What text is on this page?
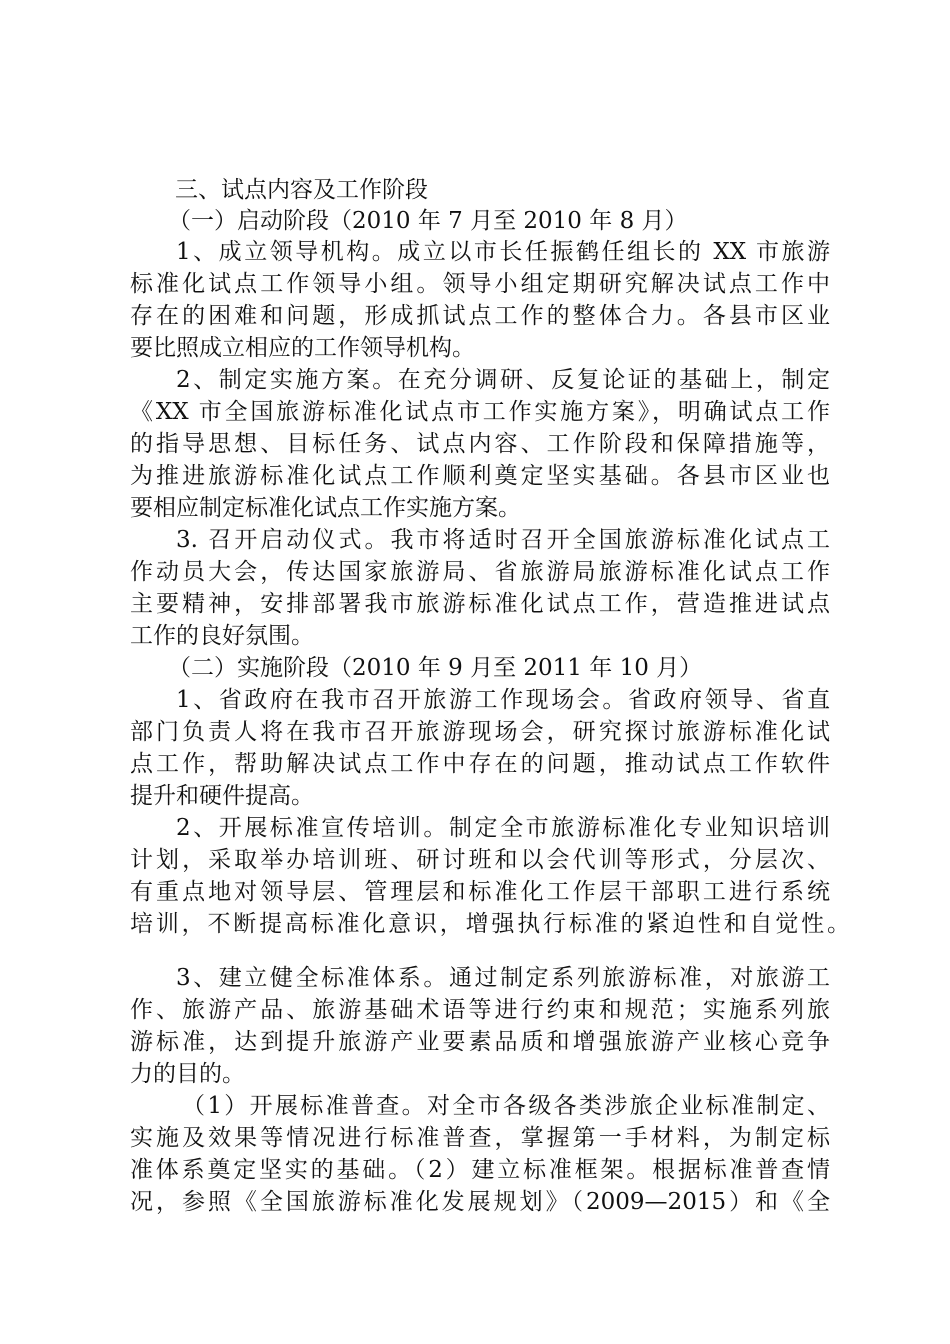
三、试点内容及工作阶段
（一）启动阶段（2010 年 7 月至 2010 年 8 月）
1、成立领导机构。成立以市长任振鹤任组长的 XX 市旅游
标准化试点工作领导小组。领导小组定期研究解决试点工作中
存在的困难和问题，形成抓试点工作的整体合力。各县市区业
要比照成立相应的工作领导机构。
2、制定实施方案。在充分调研、反复论证的基础上，制定
《XX 市全国旅游标准化试点市工作实施方案》，明确试点工作
的指导思想、目标任务、试点内容、工作阶段和保障措施等，
为推进旅游标准化试点工作顺利奠定坚实基础。各县市区业也
要相应制定标准化试点工作实施方案。
3. 召开启动仪式。我市将适时召开全国旅游标准化试点工
作动员大会，传达国家旅游局、省旅游局旅游标准化试点工作
主要精神，安排部署我市旅游标准化试点工作，营造推进试点
工作的良好氛围。
（二）实施阶段（2010 年 9 月至 2011 年 10 月）
1、省政府在我市召开旅游工作现场会。省政府领导、省直
部门负责人将在我市召开旅游现场会，研究探讨旅游标准化试
点工作，帮助解决试点工作中存在的问题，推动试点工作软件
提升和硬件提高。
2、开展标准宣传培训。制定全市旅游标准化专业知识培训
计划，采取举办培训班、研讨班和以会代训等形式，分层次、
有重点地对领导层、管理层和标准化工作层干部职工进行系统
培训，不断提高标准化意识，增强执行标准的紧迫性和自觉性。
3、建立健全标准体系。通过制定系列旅游标准，对旅游工
作、旅游产品、旅游基础术语等进行约束和规范；实施系列旅
游标准，达到提升旅游产业要素品质和增强旅游产业核心竞争
力的目的。
（1）开展标准普查。对全市各级各类涉旅企业标准制定、
实施及效果等情况进行标准普查，掌握第一手材料，为制定标
准体系奠定坚实的基础。（2）建立标准框架。根据标准普查情
况，参照《全国旅游标准化发展规划》（2009—2015）和《全
